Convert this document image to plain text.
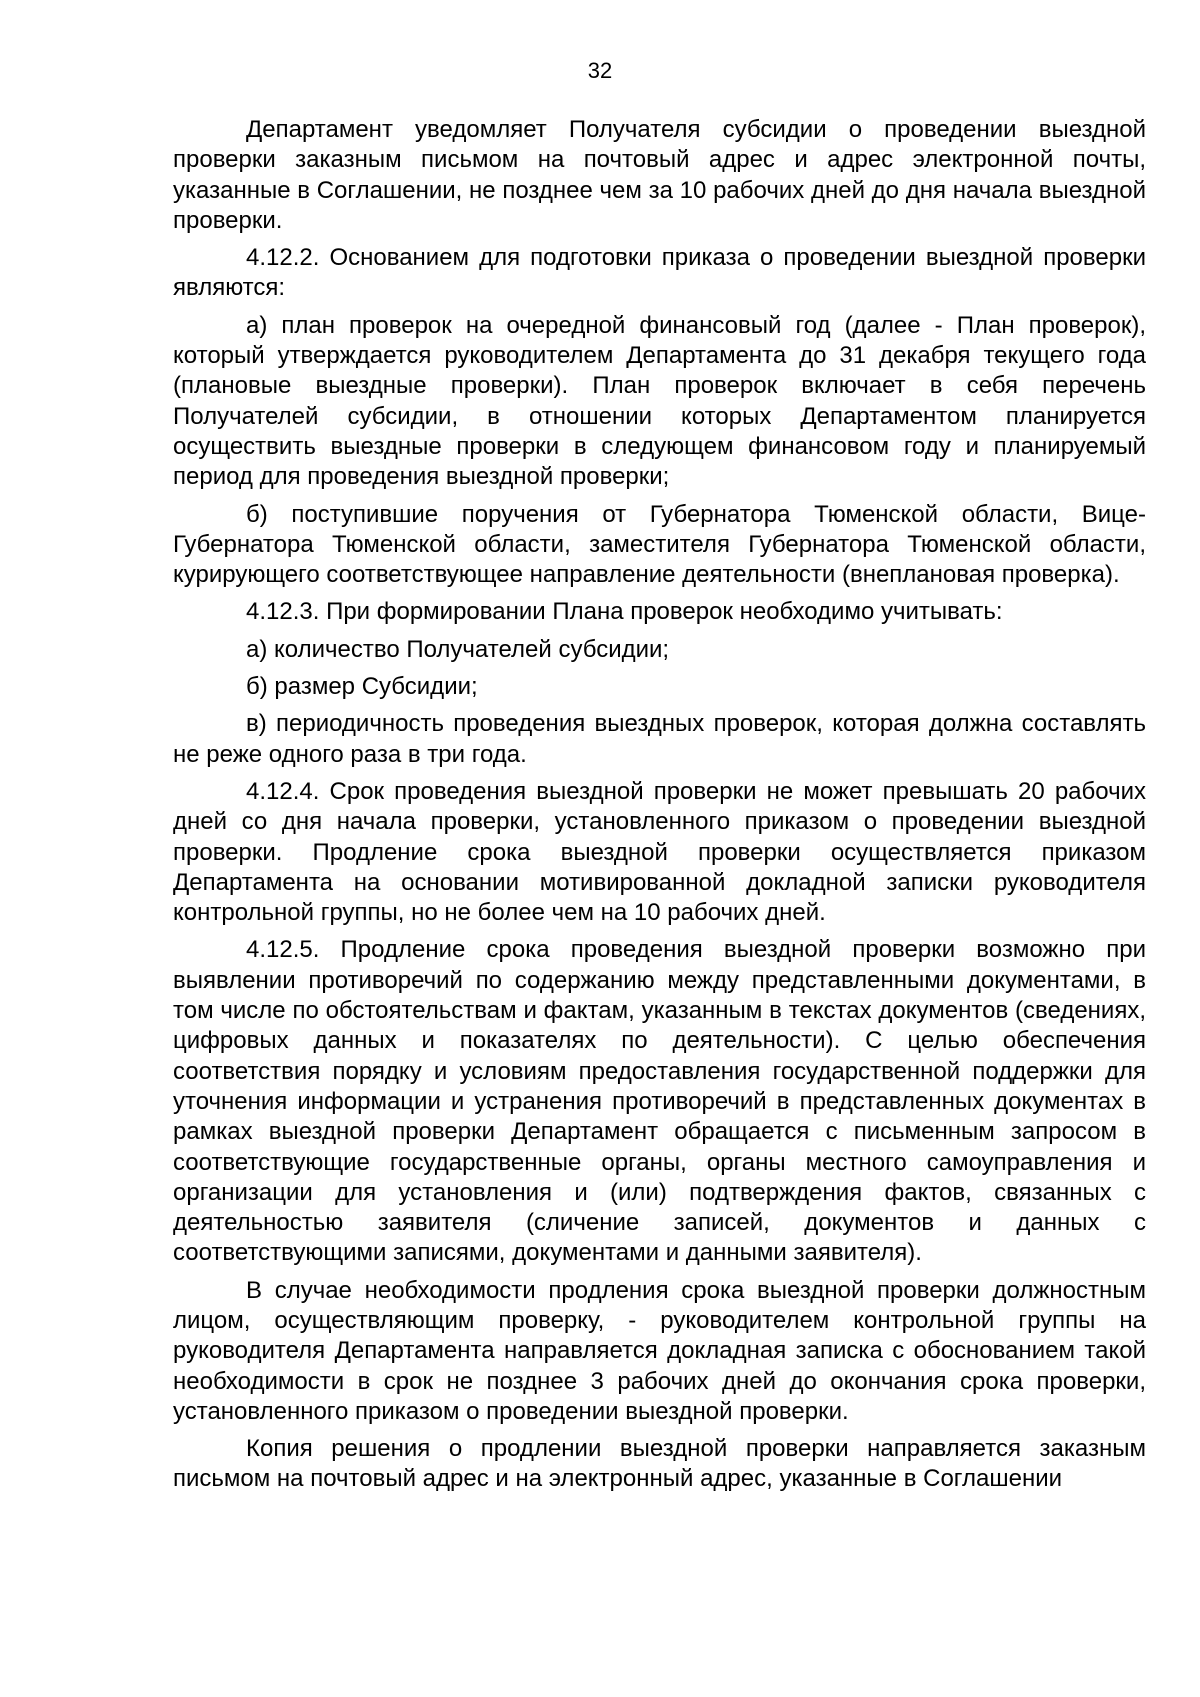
32

Департамент уведомляет Получателя субсидии о проведении выездной проверки заказным письмом на почтовый адрес и адрес электронной почты, указанные в Соглашении, не позднее чем за 10 рабочих дней до дня начала выездной проверки.

4.12.2. Основанием для подготовки приказа о проведении выездной проверки являются:

а) план проверок на очередной финансовый год (далее - План проверок), который утверждается руководителем Департамента до 31 декабря текущего года (плановые выездные проверки). План проверок включает в себя перечень Получателей субсидии, в отношении которых Департаментом планируется осуществить выездные проверки в следующем финансовом году и планируемый период для проведения выездной проверки;

б) поступившие поручения от Губернатора Тюменской области, Вице-Губернатора Тюменской области, заместителя Губернатора Тюменской области, курирующего соответствующее направление деятельности (внеплановая проверка).

4.12.3. При формировании Плана проверок необходимо учитывать:

а) количество Получателей субсидии;

б) размер Субсидии;

в) периодичность проведения выездных проверок, которая должна составлять не реже одного раза в три года.

4.12.4. Срок проведения выездной проверки не может превышать 20 рабочих дней со дня начала проверки, установленного приказом о проведении выездной проверки. Продление срока выездной проверки осуществляется приказом Департамента на основании мотивированной докладной записки руководителя контрольной группы, но не более чем на 10 рабочих дней.

4.12.5. Продление срока проведения выездной проверки возможно при выявлении противоречий по содержанию между представленными документами, в том числе по обстоятельствам и фактам, указанным в текстах документов (сведениях, цифровых данных и показателях по деятельности). С целью обеспечения соответствия порядку и условиям предоставления государственной поддержки для уточнения информации и устранения противоречий в представленных документах в рамках выездной проверки Департамент обращается с письменным запросом в соответствующие государственные органы, органы местного самоуправления и организации для установления и (или) подтверждения фактов, связанных с деятельностью заявителя (сличение записей, документов и данных с соответствующими записями, документами и данными заявителя).

В случае необходимости продления срока выездной проверки должностным лицом, осуществляющим проверку, - руководителем контрольной группы на руководителя Департамента направляется докладная записка с обоснованием такой необходимости в срок не позднее 3 рабочих дней до окончания срока проверки, установленного приказом о проведении выездной проверки.

Копия решения о продлении выездной проверки направляется заказным письмом на почтовый адрес и на электронный адрес, указанные в Соглашении
